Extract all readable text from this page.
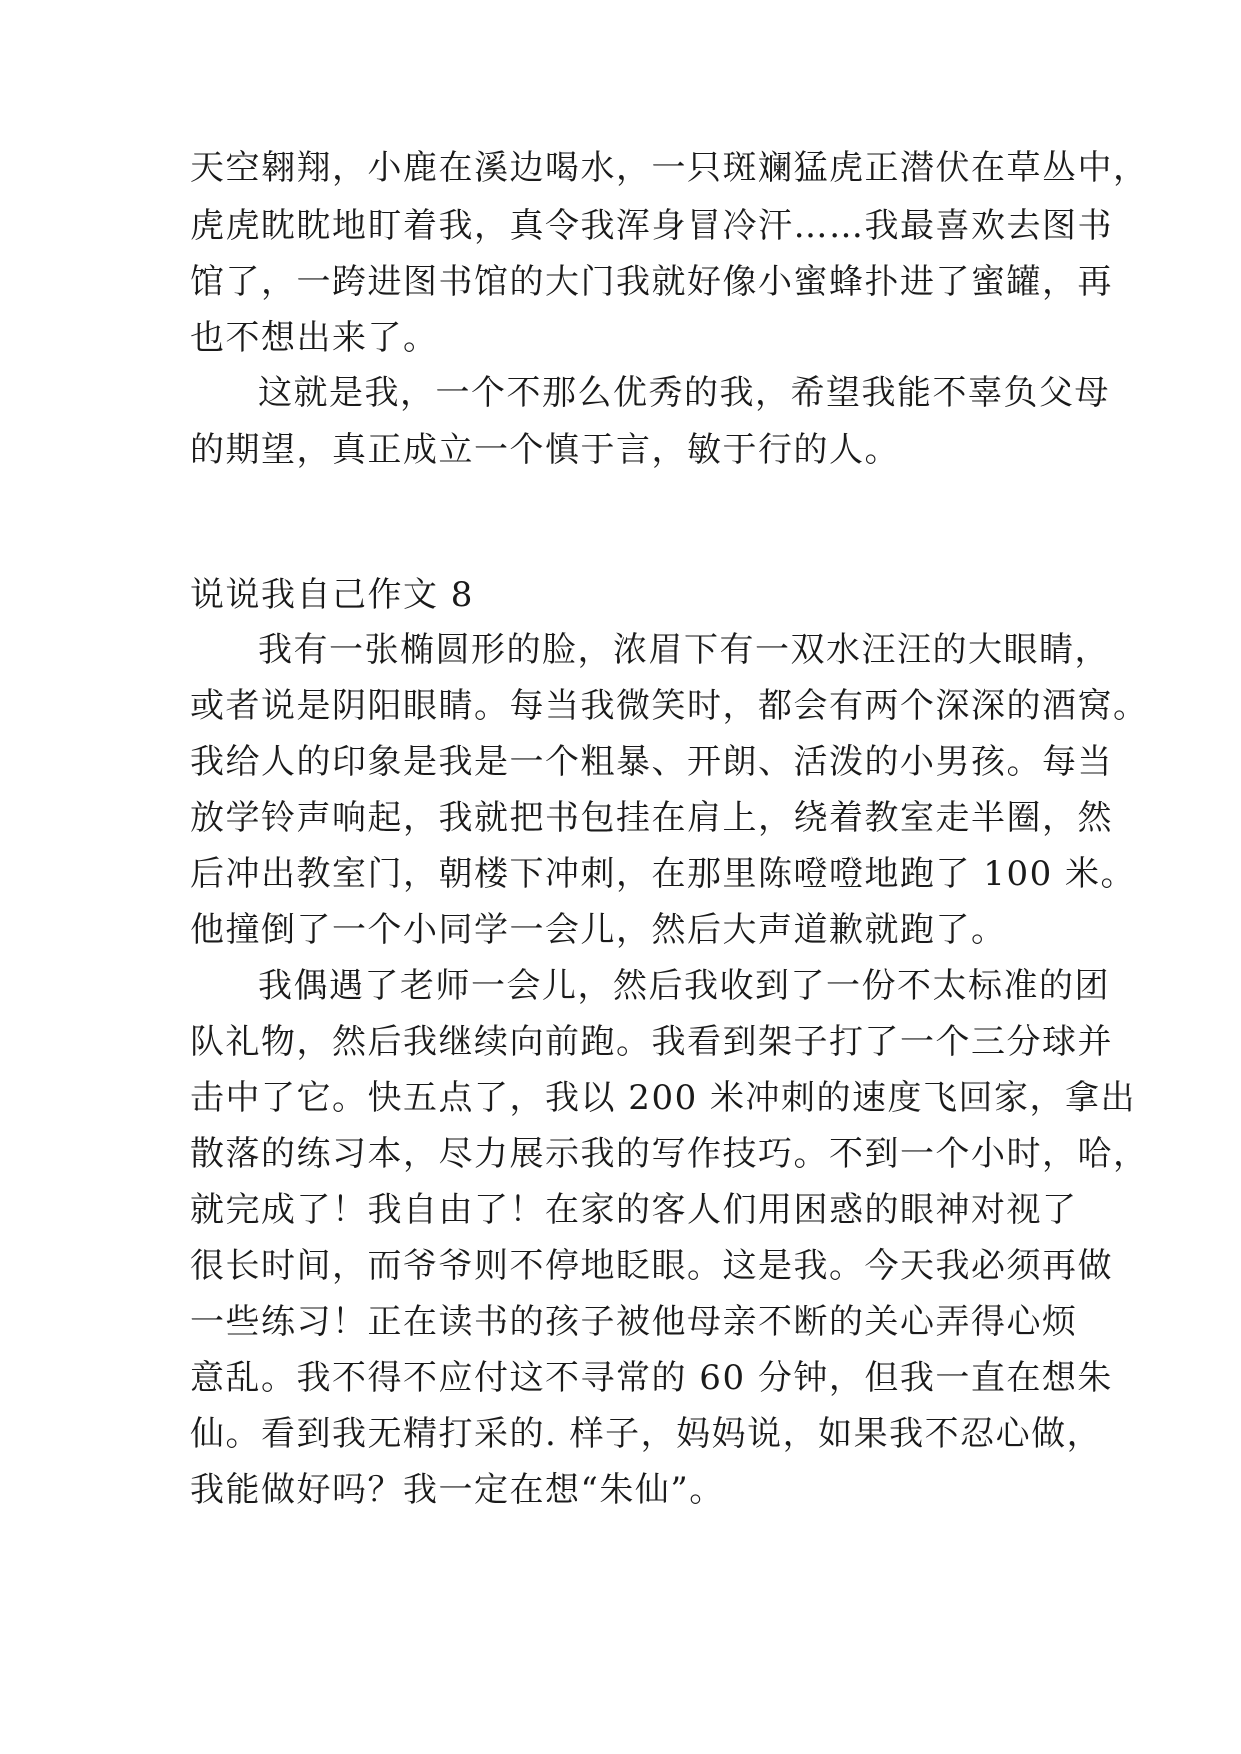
天空翱翔，小鹿在溪边喝水，一只斑斓猛虎正潜伏在草丛中，
虎虎眈眈地盯着我，真令我浑身冒冷汗……我最喜欢去图书
馆了，一跨进图书馆的大门我就好像小蜜蜂扑进了蜜罐，再
也不想出来了。
这就是我，一个不那么优秀的我，希望我能不辜负父母
的期望，真正成立一个慎于言，敏于行的人。
说说我自己作文 8
我有一张椭圆形的脸，浓眉下有一双水汪汪的大眼睛，
或者说是阴阳眼睛。每当我微笑时，都会有两个深深的酒窝。
我给人的印象是我是一个粗暴、开朗、活泼的小男孩。每当
放学铃声响起，我就把书包挂在肩上，绕着教室走半圈，然
后冲出教室门，朝楼下冲刺，在那里陈噔噔地跑了 100 米。
他撞倒了一个小同学一会儿，然后大声道歉就跑了。
我偶遇了老师一会儿，然后我收到了一份不太标准的团
队礼物，然后我继续向前跑。我看到架子打了一个三分球并
击中了它。快五点了，我以 200 米冲刺的速度飞回家，拿出
散落的练习本，尽力展示我的写作技巧。不到一个小时，哈，
就完成了！我自由了！在家的客人们用困惑的眼神对视了
很长时间，而爷爷则不停地眨眼。这是我。今天我必须再做
一些练习！正在读书的孩子被他母亲不断的关心弄得心烦
意乱。我不得不应付这不寻常的 60 分钟，但我一直在想朱
仙。看到我无精打采的. 样子，妈妈说，如果我不忍心做，
我能做好吗？我一定在想“朱仙”。
